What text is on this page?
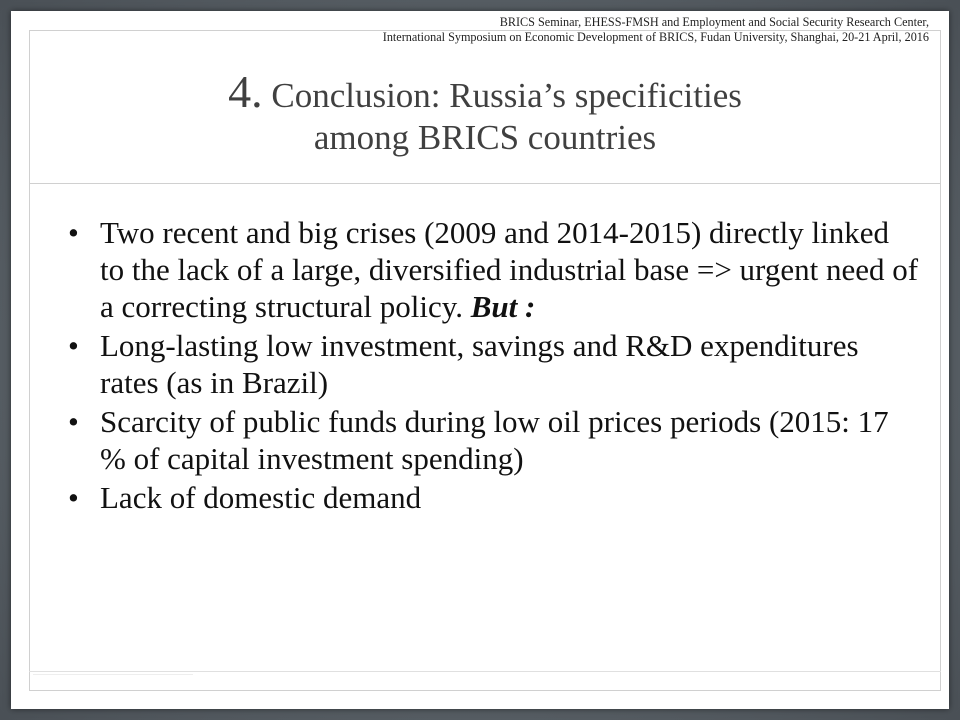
BRICS Seminar, EHESS-FMSH and Employment and Social Security Research Center,
International Symposium on Economic Development of BRICS, Fudan University, Shanghai, 20-21 April, 2016
4. Conclusion: Russia’s specificities
among BRICS countries
• Two recent and big crises (2009 and 2014-2015) directly linked to the lack of a large, diversified industrial base => urgent need of a correcting structural policy. But :
• Long-lasting low investment, savings and R&D expenditures rates (as in Brazil)
• Scarcity of public funds during low oil prices periods (2015: 17 % of capital investment spending)
• Lack of domestic demand
